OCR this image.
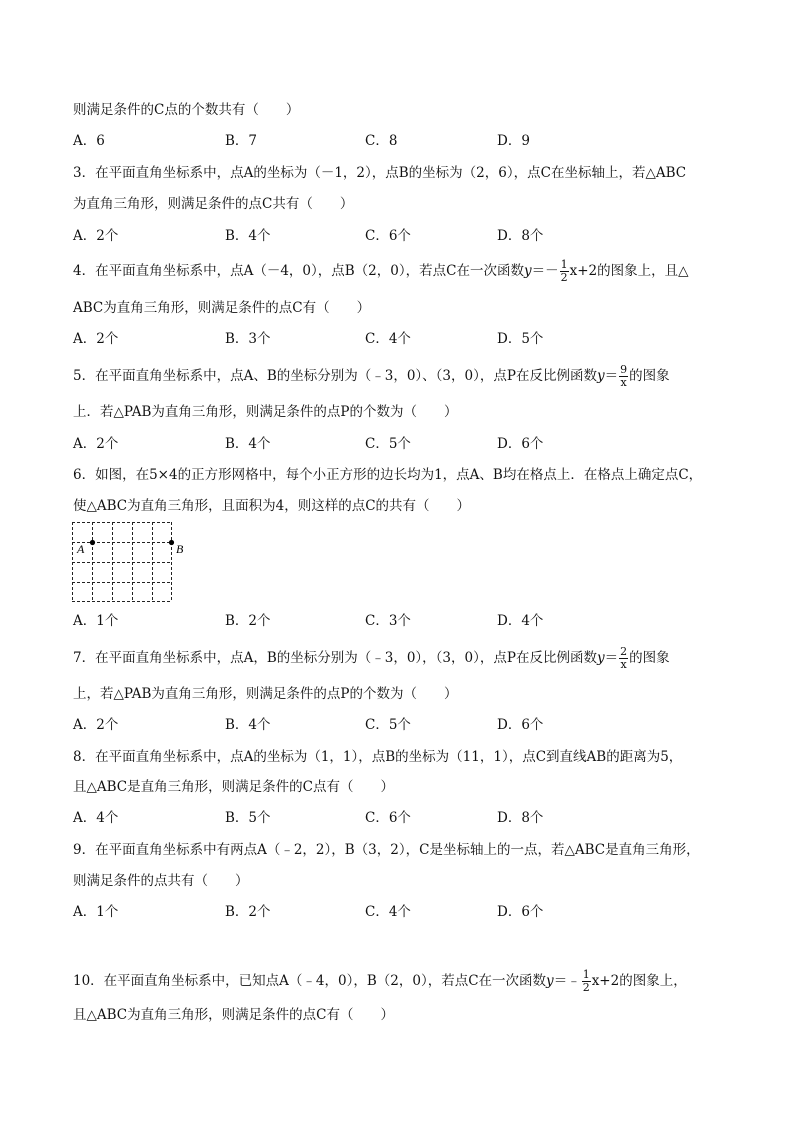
则满足条件的C点的个数共有（　　）
A．6	B．7	C．8	D．9
3．在平面直角坐标系中，点A的坐标为（－1，2），点B的坐标为（2，6），点C在坐标轴上，若△ABC
为直角三角形，则满足条件的点C共有（　　）
A．2个	B．4个	C．6个	D．8个
4．在平面直角坐标系中，点A（－4，0），点B（2，0），若点C在一次函数$y=- \frac{1}{2} x+2$的图象上，且△
ABC为直角三角形，则满足条件的点C有（　　）
A．2个	B．3个	C．4个	D．5个
5．在平面直角坐标系中，点A、B的坐标分别为（﹣3，0）、（3，0），点P在反比例函数$y= \frac{9}{x}$ 的图象
上．若△PAB为直角三角形，则满足条件的点P的个数为（　　）
A．2个	B．4个	C．5个	D．6个
6．如图，在5×4的正方形网格中，每个小正方形的边长均为1，点A、B均在格点上．在格点上确定点C，
使△ABC为直角三角形，且面积为4，则这样的点C的共有（　　）
A	B
A．1个	B．2个	C．3个	D．4个
7．在平面直角坐标系中，点A，B的坐标分别为（﹣3，0），（3，0），点P在反比例函数$y= \frac{2}{x}$ 的图象
上，若△PAB为直角三角形，则满足条件的点P的个数为（　　）
A．2个	B．4个	C．5个	D．6个
8．在平面直角坐标系中，点A的坐标为（1，1），点B的坐标为（11，1），点C到直线AB的距离为5，
且△ABC是直角三角形，则满足条件的C点有（　　）
A．4个	B．5个	C．6个	D．8个
9．在平面直角坐标系中有两点A（﹣2，2），B（3，2），C是坐标轴上的一点，若△ABC是直角三角形，
则满足条件的点共有（　　）
A．1个	B．2个	C．4个	D．6个
10．在平面直角坐标系中，已知点A（﹣4，0），B（2，0），若点C在一次函数y＝﹣ $\frac{1}{2} x+2$的图象上，
且△ABC为直角三角形，则满足条件的点C有（　　）
